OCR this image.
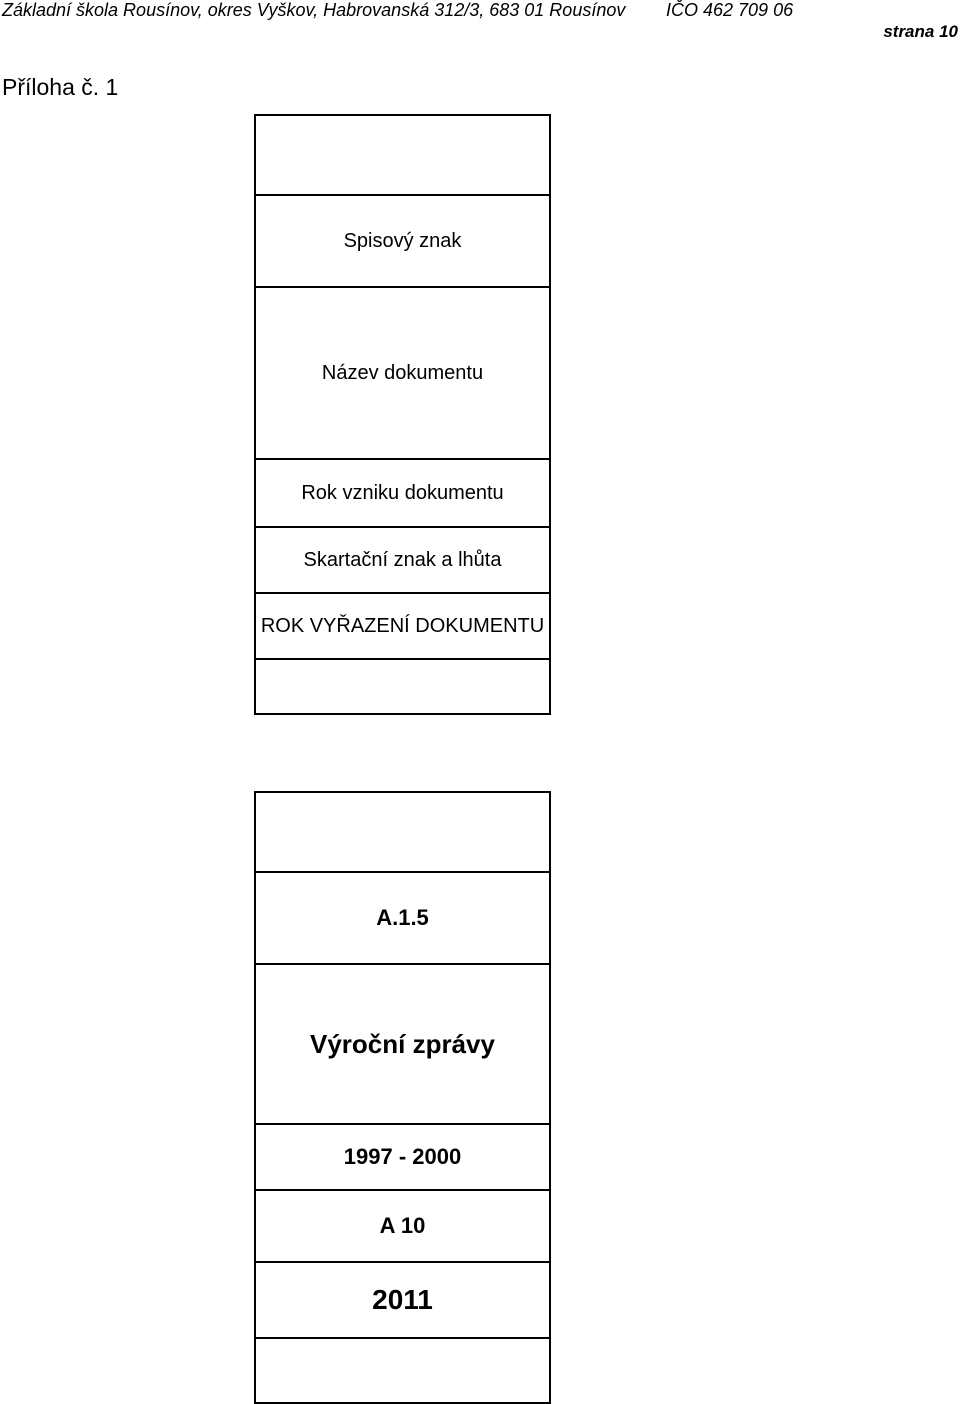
Základní škola Rousínov, okres Vyškov, Habrovanská 312/3, 683 01 Rousínov IČO 462 709 06
strana 10
Příloha č. 1
Spisový znak
Název dokumentu
Rok vzniku dokumentu
Skartační znak a lhůta
ROK VYŘAZENÍ DOKUMENTU
A.1.5
Výroční zprávy
1997 - 2000
A 10
2011
